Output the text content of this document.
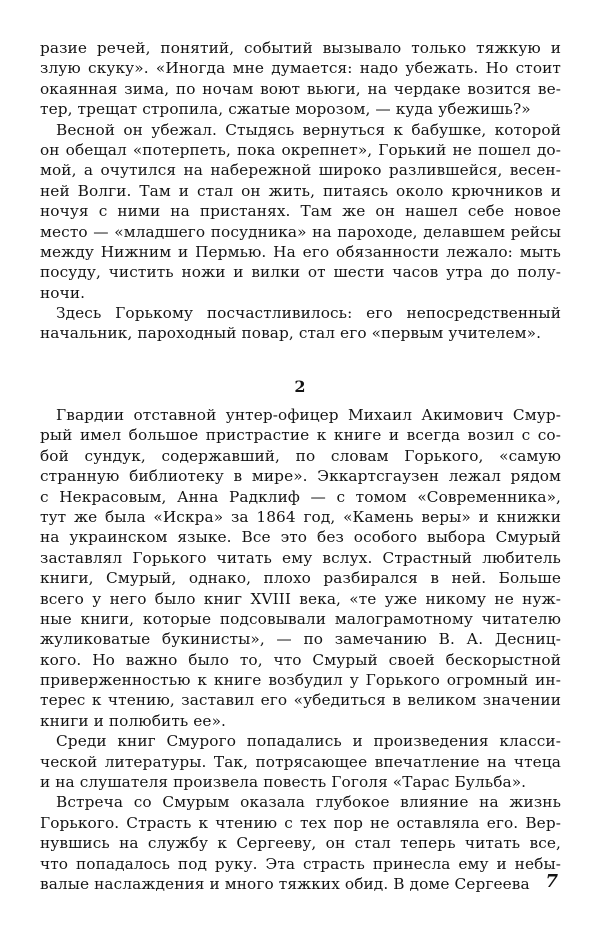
разие речей, понятий, событий вызывало только тяжкую и
злую скуку». «Иногда мне думается: надо убежать. Но стоит
окаянная зима, по ночам воют вьюги, на чердаке возится ве-
тер, трещат стропила, сжатые морозом, — куда убежишь?»
Весной он убежал. Стыдясь вернуться к бабушке, которой
он обещал «потерпеть, пока окрепнет», Горький не пошел до-
мой, а очутился на набережной широко разлившейся, весен-
ней Волги. Там и стал он жить, питаясь около крючников и
ночуя с ними на пристанях. Там же он нашел себе новое
место — «младшего посудника» на пароходе, делавшем рейсы
между Нижним и Пермью. На его обязанности лежало: мыть
посуду, чистить ножи и вилки от шести часов утра до полу-
ночи.
Здесь Горькому посчастливилось: его непосредственный
начальник, пароходный повар, стал его «первым учителем».
2
Гвардии отставной унтер-офицер Михаил Акимович Смур-
рый имел большое пристрастие к книге и всегда возил с со-
бой сундук, содержавший, по словам Горького, «самую
странную библиотеку в мире». Эккартсгаузен лежал рядом
с Некрасовым, Анна Радклиф — с томом «Современника»,
тут же была «Искра» за 1864 год, «Камень веры» и книжки
на украинском языке. Все это без особого выбора Смурый
заставлял Горького читать ему вслух. Страстный любитель
книги, Смурый, однако, плохо разбирался в ней. Больше
всего у него было книг XVIII века, «те уже никому не нуж-
ные книги, которые подсовывали малограмотному читателю
жуликоватые букинисты», — по замечанию В. А. Десниц-
кого. Но важно было то, что Смурый своей бескорыстной
приверженностью к книге возбудил у Горького огромный ин-
терес к чтению, заставил его «убедиться в великом значении
книги и полюбить ее».
Среди книг Смурого попадались и произведения класси-
ческой литературы. Так, потрясающее впечатление на чтеца
и на слушателя произвела повесть Гоголя «Тарас Бульба».
Встреча со Смурым оказала глубокое влияние на жизнь
Горького. Страсть к чтению с тех пор не оставляла его. Вер-
нувшись на службу к Сергееву, он стал теперь читать все,
что попадалось под руку. Эта страсть принесла ему и небы-
валые наслаждения и много тяжких обид. В доме Сергеева 7
